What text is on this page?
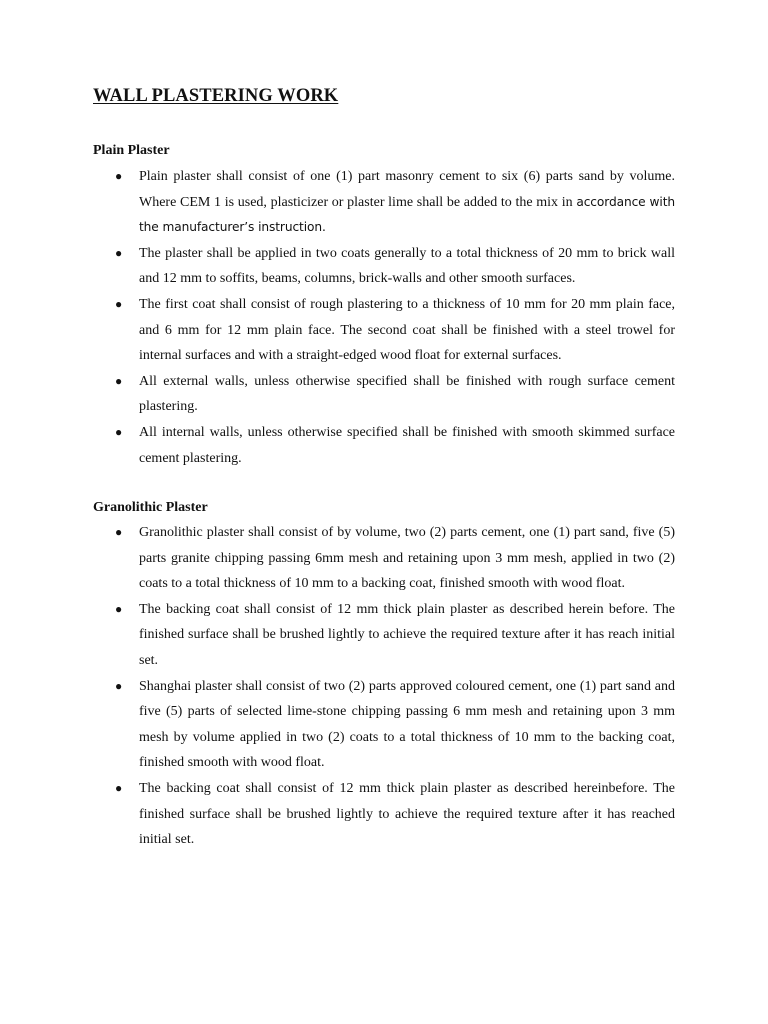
WALL PLASTERING WORK
Plain Plaster
● Plain plaster shall consist of one (1) part masonry cement to six (6) parts sand by volume. Where CEM 1 is used, plasticizer or plaster lime shall be added to the mix in accordance with the manufacturer’s instruction.
● The plaster shall be applied in two coats generally to a total thickness of 20 mm to brick wall and 12 mm to soffits, beams, columns, brick-walls and other smooth surfaces.
● The first coat shall consist of rough plastering to a thickness of 10 mm for 20 mm plain face, and 6 mm for 12 mm plain face. The second coat shall be finished with a steel trowel for internal surfaces and with a straight-edged wood float for external surfaces.
● All external walls, unless otherwise specified shall be finished with rough surface cement plastering.
● All internal walls, unless otherwise specified shall be finished with smooth skimmed surface cement plastering.
Granolithic Plaster
● Granolithic plaster shall consist of by volume, two (2) parts cement, one (1) part sand, five (5) parts granite chipping passing 6mm mesh and retaining upon 3 mm mesh, applied in two (2) coats to a total thickness of 10 mm to a backing coat, finished smooth with wood float.
● The backing coat shall consist of 12 mm thick plain plaster as described herein before. The finished surface shall be brushed lightly to achieve the required texture after it has reach initial set.
● Shanghai plaster shall consist of two (2) parts approved coloured cement, one (1) part sand and five (5) parts of selected lime-stone chipping passing 6 mm mesh and retaining upon 3 mm mesh by volume applied in two (2) coats to a total thickness of 10 mm to the backing coat, finished smooth with wood float.
● The backing coat shall consist of 12 mm thick plain plaster as described hereinbefore. The finished surface shall be brushed lightly to achieve the required texture after it has reached initial set.
